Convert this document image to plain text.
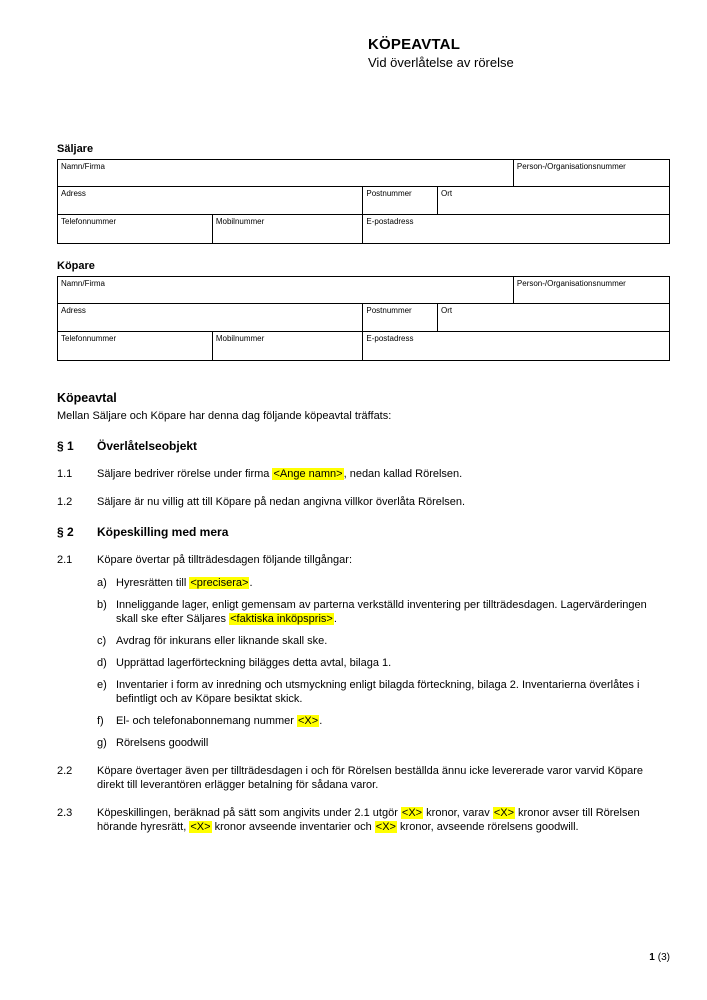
KÖPEAVTAL
Vid överlåtelse av rörelse
Säljare
Namn/Firma				Person-/Organisationsnummer
Adress		Postnummer	Ort	
Telefonnummer	Mobilnummer	E-postadress		
Köpare
Namn/Firma				Person-/Organisationsnummer
Adress		Postnummer	Ort	
Telefonnummer	Mobilnummer	E-postadress		
Köpeavtal
Mellan Säljare och Köpare har denna dag följande köpeavtal träffats:
§ 1	Överlåtelseobjekt
1.1	Säljare bedriver rörelse under firma <Ange namn>, nedan kallad Rörelsen.
1.2	Säljare är nu villig att till Köpare på nedan angivna villkor överlåta Rörelsen.
§ 2	Köpeskilling med mera
2.1	Köpare övertar på tillträdesdagen följande tillgångar:
a) Hyresrätten till <precisera>.
b) Inneliggande lager, enligt gemensam av parterna verkställd inventering per tillträdesdagen. Lagervärderingen skall ske efter Säljares <faktiska inköpspris>.
c) Avdrag för inkurans eller liknande skall ske.
d) Upprättad lagerförteckning bilägges detta avtal, bilaga 1.
e) Inventarier i form av inredning och utsmyckning enligt bilagda förteckning, bilaga 2. Inventarierna överlåtes i befintligt och av Köpare besiktat skick.
f)	El- och telefonabonnemang nummer <X>.
g) Rörelsens goodwill
2.2	Köpare övertager även per tillträdesdagen i och för Rörelsen beställda ännu icke levererade varor varvid Köpare direkt till leverantören erlägger betalning för sådana varor.
2.3	Köpeskillingen, beräknad på sätt som angivits under 2.1 utgör <X> kronor, varav <X> kronor avser till Rörelsen hörande hyresrätt, <X> kronor avseende inventarier och <X> kronor, avseende rörelsens goodwill.
1 (3)
